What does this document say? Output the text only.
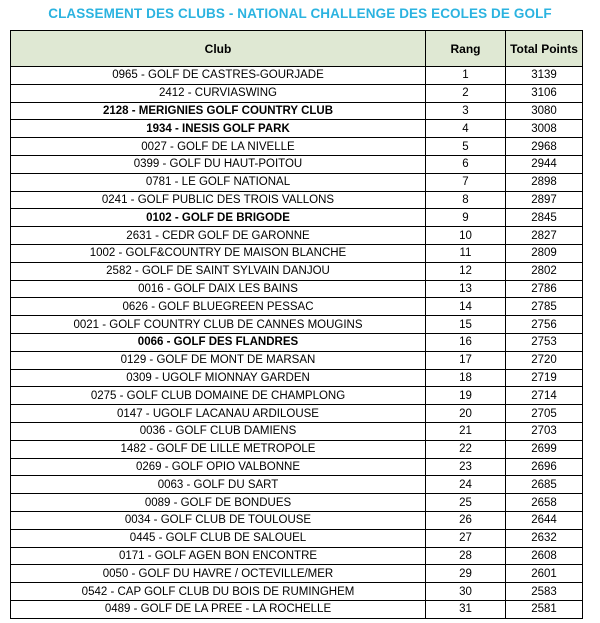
CLASSEMENT DES CLUBS - NATIONAL CHALLENGE DES ECOLES DE GOLF
Club	Rang	Total Points
0965 - GOLF DE CASTRES-GOURJADE	1	3139
2412 - CURVIASWING	2	3106
2128 - MERIGNIES GOLF COUNTRY CLUB	3	3080
1934 - INESIS GOLF PARK	4	3008
0027 - GOLF DE LA NIVELLE	5	2968
0399 - GOLF DU HAUT-POITOU	6	2944
0781 - LE GOLF NATIONAL	7	2898
0241 - GOLF PUBLIC DES TROIS VALLONS	8	2897
0102 - GOLF DE BRIGODE	9	2845
2631 - CEDR GOLF DE GARONNE	10	2827
1002 - GOLF&COUNTRY DE MAISON BLANCHE	11	2809
2582 - GOLF DE SAINT SYLVAIN DANJOU	12	2802
0016 - GOLF DAIX LES BAINS	13	2786
0626 - GOLF BLUEGREEN PESSAC	14	2785
0021 - GOLF COUNTRY CLUB DE CANNES MOUGINS	15	2756
0066 - GOLF DES FLANDRES	16	2753
0129 - GOLF DE MONT DE MARSAN	17	2720
0309 - UGOLF MIONNAY GARDEN	18	2719
0275 - GOLF CLUB DOMAINE DE CHAMPLONG	19	2714
0147 - UGOLF LACANAU ARDILOUSE	20	2705
0036 - GOLF CLUB DAMIENS	21	2703
1482 - GOLF DE LILLE METROPOLE	22	2699
0269 - GOLF OPIO VALBONNE	23	2696
0063 - GOLF DU SART	24	2685
0089 - GOLF DE BONDUES	25	2658
0034 - GOLF CLUB DE TOULOUSE	26	2644
0445 - GOLF CLUB DE SALOUEL	27	2632
0171 - GOLF AGEN BON ENCONTRE	28	2608
0050 - GOLF DU HAVRE / OCTEVILLE/MER	29	2601
0542 - CAP GOLF CLUB DU BOIS DE RUMINGHEM	30	2583
0489 - GOLF DE LA PREE - LA ROCHELLE	31	2581
